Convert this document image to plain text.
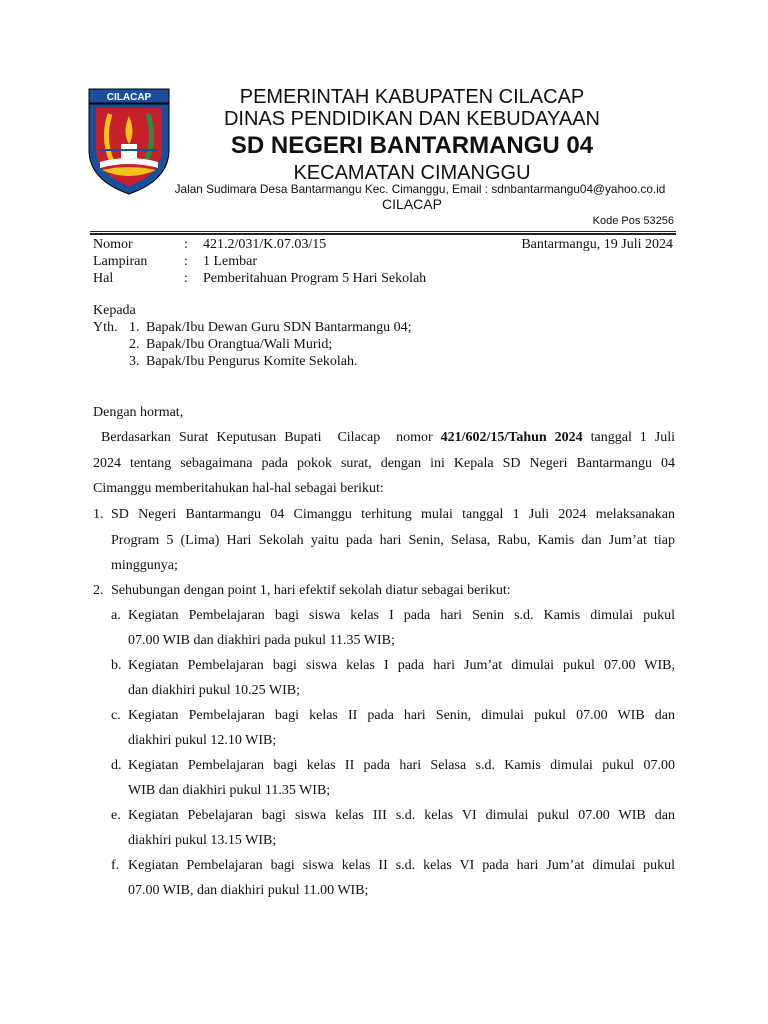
CILACAP	PEMERINTAH KABUPATEN CILACAP
DINAS PENDIDIKAN DAN KEBUDAYAAN
SD NEGERI BANTARMANGU 04
KECAMATAN CIMANGGU
Jalan Sudimara Desa Bantarmangu Kec. Cimanggu, Email : sdnbantarmangu04@yahoo.co.id
CILACAP
Kode Pos 53256
Nomor	: 421.2/031/K.07.03/15
Lampiran	: 1 Lembar
Hal	: Pemberitahuan Program 5 Hari Sekolah
Bantarmangu, 19 Juli 2024
Kepada
Yth. 1. Bapak/Ibu Dewan Guru SDN Bantarmangu 04;
2. Bapak/Ibu Orangtua/Wali Murid;
3. Bapak/Ibu Pengurus Komite Sekolah.
Dengan hormat,
Berdasarkan Surat Keputusan Bupati  Cilacap  nomor 421/602/15/Tahun 2024 tanggal 1 Juli
2024 tentang sebagaimana pada pokok surat, dengan ini Kepala SD Negeri Bantarmangu 04
Cimanggu memberitahukan hal-hal sebagai berikut:
1. SD Negeri Bantarmangu 04 Cimanggu terhitung mulai tanggal 1 Juli 2024 melaksanakan
Program 5 (Lima) Hari Sekolah yaitu pada hari Senin, Selasa, Rabu, Kamis dan Jum’at tiap
minggunya;
2. Sehubungan dengan point 1, hari efektif sekolah diatur sebagai berikut:
a. Kegiatan Pembelajaran bagi siswa kelas I pada hari Senin s.d. Kamis dimulai pukul
07.00 WIB dan diakhiri pada pukul 11.35 WIB;
b. Kegiatan Pembelajaran bagi siswa kelas I pada hari Jum’at dimulai pukul 07.00 WIB,
dan diakhiri pukul 10.25 WIB;
c. Kegiatan Pembelajaran bagi kelas II pada hari Senin, dimulai pukul 07.00 WIB dan
diakhiri pukul 12.10 WIB;
d. Kegiatan Pembelajaran bagi kelas II pada hari Selasa s.d. Kamis dimulai pukul 07.00
WIB dan diakhiri pukul 11.35 WIB;
e. Kegiatan Pebelajaran bagi siswa kelas III s.d. kelas VI dimulai pukul 07.00 WIB dan
diakhiri pukul 13.15 WIB;
f. Kegiatan Pembelajaran bagi siswa kelas II s.d. kelas VI pada hari Jum’at dimulai pukul
07.00 WIB, dan diakhiri pukul 11.00 WIB;
